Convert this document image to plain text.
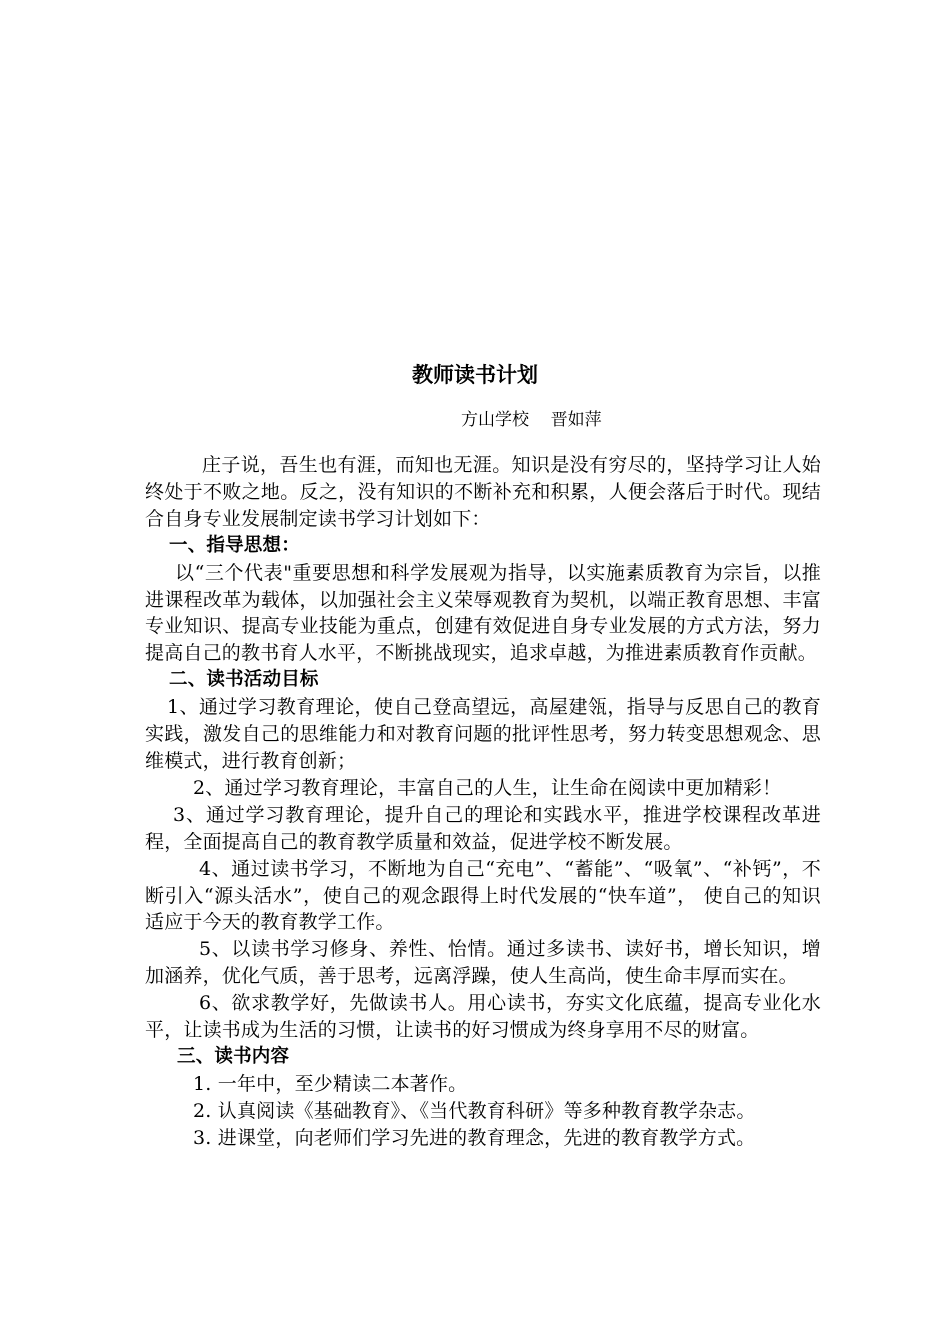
教师读书计划
方山学校    晋如萍

庄子说，吾生也有涯，而知也无涯。知识是没有穷尽的，坚持学习让人始终处于不败之地。反之，没有知识的不断补充和积累，人便会落后于时代。现结合自身专业发展制定读书学习计划如下：

一、指导思想：

以“三个代表"重要思想和科学发展观为指导，以实施素质教育为宗旨，以推进课程改革为载体，以加强社会主义荣辱观教育为契机，以端正教育思想、丰富专业知识、提高专业技能为重点，创建有效促进自身专业发展的方式方法，努力提高自己的教书育人水平，不断挑战现实，追求卓越，为推进素质教育作贡献。

二、读书活动目标

1、通过学习教育理论，使自己登高望远，高屋建瓴，指导与反思自己的教育实践，激发自己的思维能力和对教育问题的批评性思考，努力转变思想观念、思维模式，进行教育创新；

2、通过学习教育理论，丰富自己的人生，让生命在阅读中更加精彩！

3、通过学习教育理论，提升自己的理论和实践水平，推进学校课程改革进程，全面提高自己的教育教学质量和效益，促进学校不断发展。

4、通过读书学习，不断地为自己“充电”、“蓄能”、“吸氧”、“补钙”，不断引入“源头活水”，使自己的观念跟得上时代发展的“快车道”， 使自己的知识适应于今天的教育教学工作。

5、以读书学习修身、养性、怡情。通过多读书、读好书，增长知识，增加涵养，优化气质，善于思考，远离浮躁，使人生高尚，使生命丰厚而实在。

6、欲求教学好，先做读书人。用心读书，夯实文化底蕴，提高专业化水平，让读书成为生活的习惯，让读书的好习惯成为终身享用不尽的财富。

三、读书内容

1. 一年中，至少精读二本著作。

2. 认真阅读《基础教育》、《当代教育科研》等多种教育教学杂志。

3. 进课堂，向老师们学习先进的教育理念，先进的教育教学方式。
